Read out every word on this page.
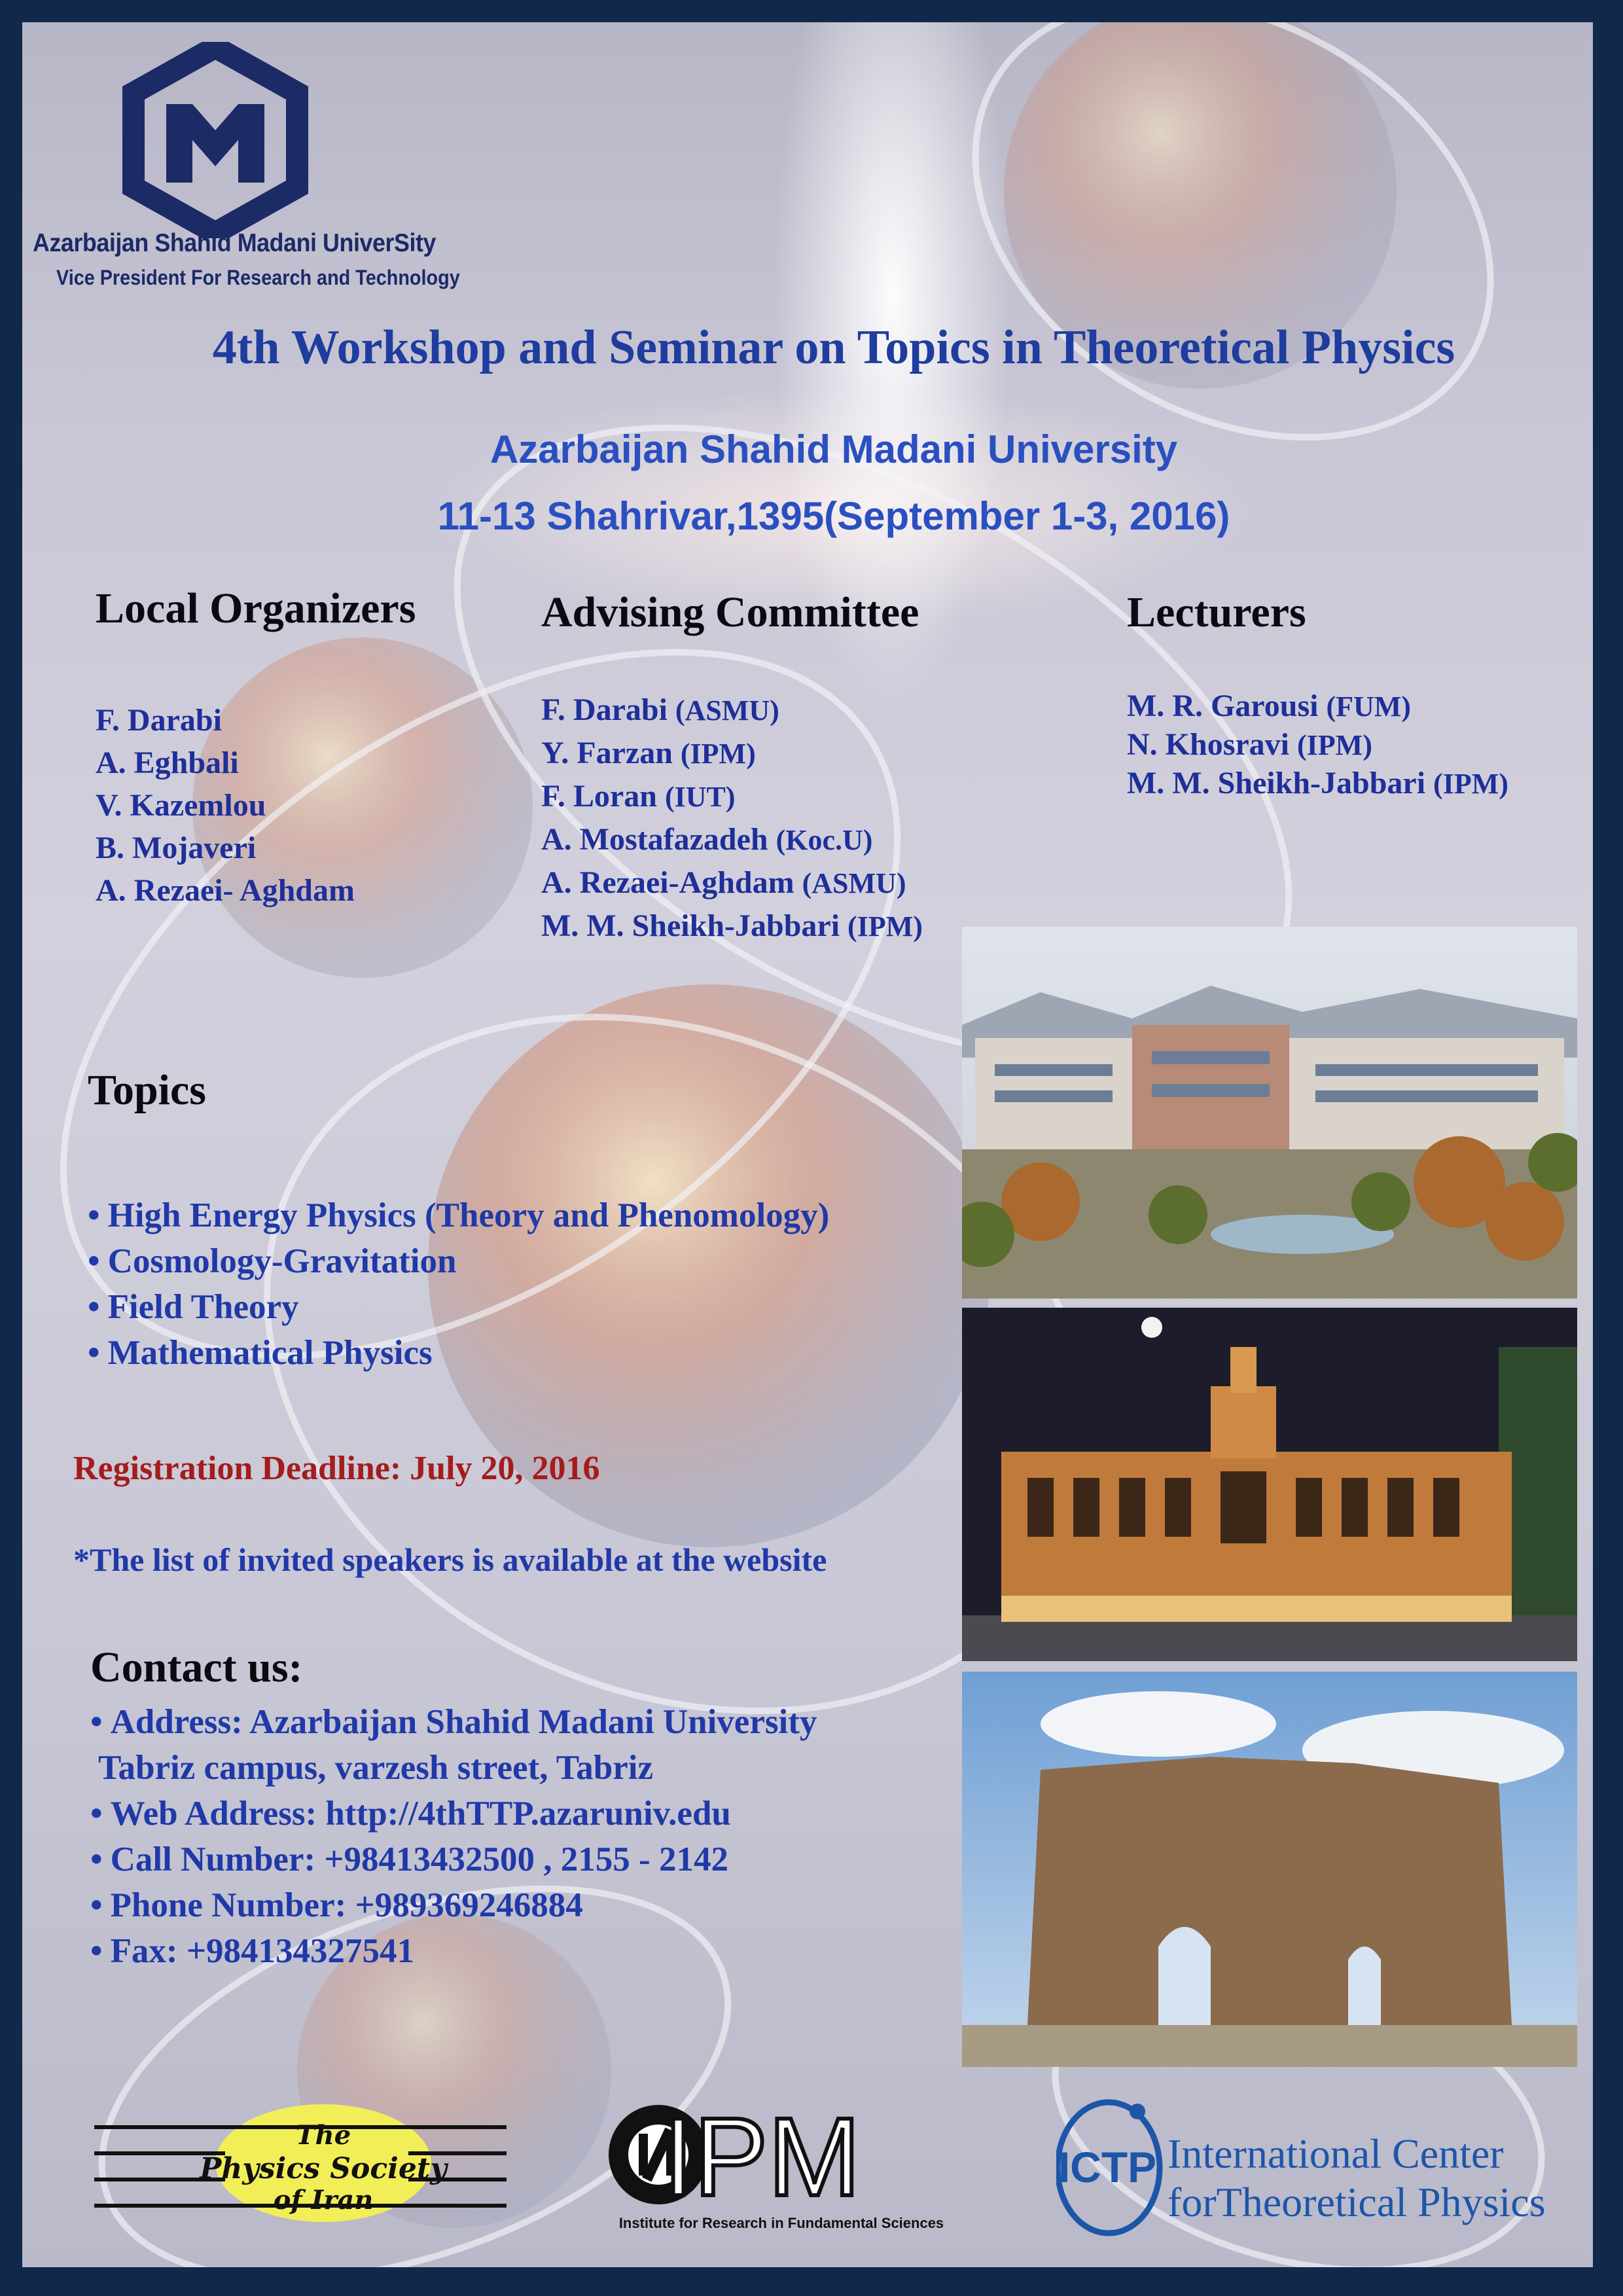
Azarbaijan Shahid Madani UniverSity
Vice President For Research and Technology
4th Workshop and Seminar on Topics in Theoretical Physics
Azarbaijan Shahid Madani University
11-13 Shahrivar,1395(September 1-3, 2016)
Local Organizers
F. Darabi
A. Eghbali
V. Kazemlou
B. Mojaveri
A. Rezaei- Aghdam
Advising Committee
F. Darabi (ASMU)
Y. Farzan (IPM)
F. Loran (IUT)
A. Mostafazadeh (Koc.U)
A. Rezaei-Aghdam (ASMU)
M. M. Sheikh-Jabbari (IPM)
Lecturers
M. R. Garousi (FUM)
N. Khosravi (IPM)
M. M. Sheikh-Jabbari (IPM)
Topics
• High Energy Physics (Theory and Phenomology)
• Cosmology-Gravitation
• Field Theory
• Mathematical Physics
Registration Deadline: July 20, 2016
*The list of invited speakers is available at the website
Contact us:
• Address: Azarbaijan Shahid Madani University
Tabriz campus, varzesh street, Tabriz
• Web Address: http://4thTTP.azaruniv.edu
• Call Number: +98413432500 , 2155 - 2142
• Phone Number: +989369246884
• Fax: +984134327541
The
Physics Society
of Iran	IPM
Institute for Research in Fundamental Sciences
ICTP International Center
forTheoretical Physics
